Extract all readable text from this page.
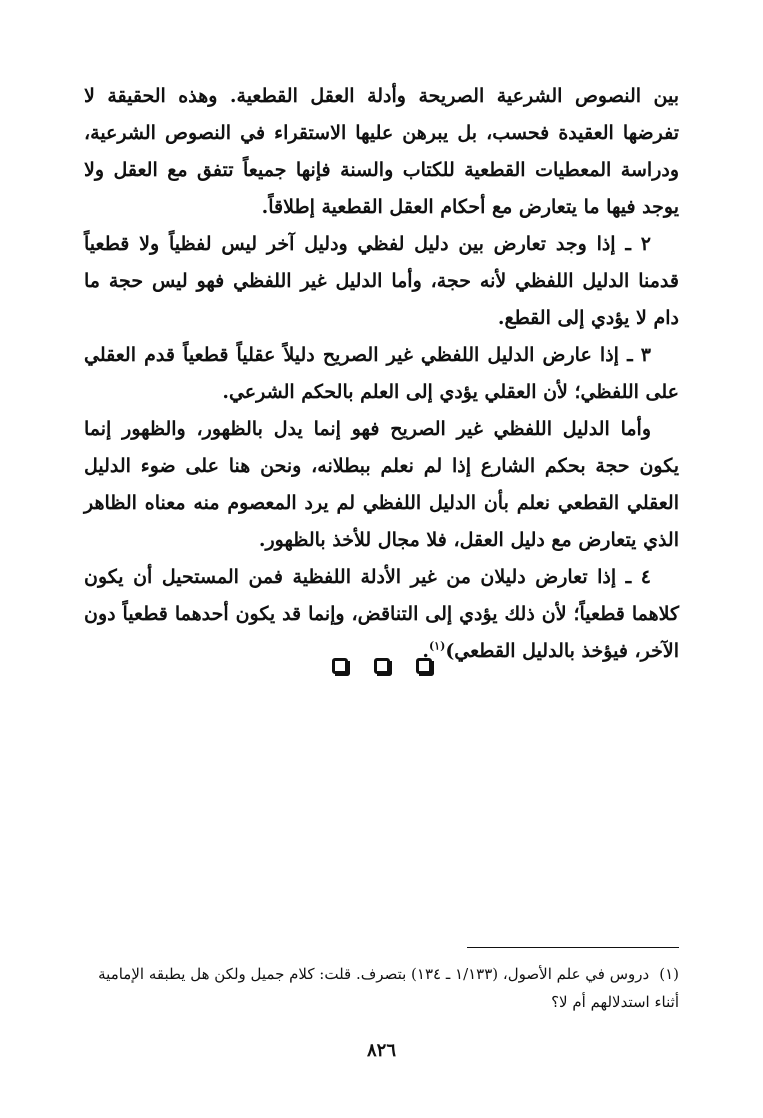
بين النصوص الشرعية الصريحة وأدلة العقل القطعية. وهذه الحقيقة لا تفرضها العقيدة فحسب، بل يبرهن عليها الاستقراء في النصوص الشرعية، ودراسة المعطيات القطعية للكتاب والسنة فإنها جميعاً تتفق مع العقل ولا يوجد فيها ما يتعارض مع أحكام العقل القطعية إطلاقاً.

٢ ـ إذا وجد تعارض بين دليل لفظي ودليل آخر ليس لفظياً ولا قطعياً قدمنا الدليل اللفظي لأنه حجة، وأما الدليل غير اللفظي فهو ليس حجة ما دام لا يؤدي إلى القطع.

٣ ـ إذا عارض الدليل اللفظي غير الصريح دليلاً عقلياً قطعياً قدم العقلي على اللفظي؛ لأن العقلي يؤدي إلى العلم بالحكم الشرعي.

وأما الدليل اللفظي غير الصريح فهو إنما يدل بالظهور، والظهور إنما يكون حجة بحكم الشارع إذا لم نعلم ببطلانه، ونحن هنا على ضوء الدليل العقلي القطعي نعلم بأن الدليل اللفظي لم يرد المعصوم منه معناه الظاهر الذي يتعارض مع دليل العقل، فلا مجال للأخذ بالظهور.

٤ ـ إذا تعارض دليلان من غير الأدلة اللفظية فمن المستحيل أن يكون كلاهما قطعياً؛ لأن ذلك يؤدي إلى التناقض، وإنما قد يكون أحدهما قطعياً دون الآخر، فيؤخذ بالدليل القطعي)$^{(١)}$.

(١)دروس في علم الأصول، (١/١٣٣ ـ ١٣٤) بتصرف. قلت: كلام جميل ولكن هل يطبقه الإمامية أثناء استدلالهم أم لا؟
٨٢٦
